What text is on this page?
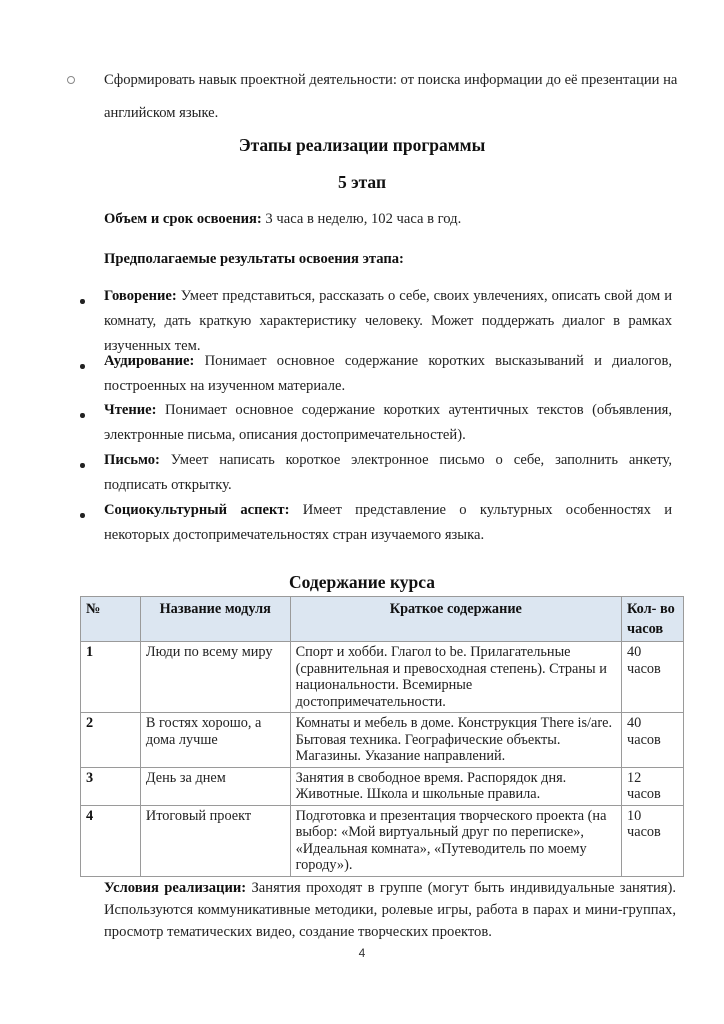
Сформировать навык проектной деятельности: от поиска информации до её презентации на
английском языке.
Этапы реализации программы
5 этап
Объем и срок освоения: 3 часа в неделю, 102 часа в год.
Предполагаемые результаты освоения этапа:
Говорение: Умеет представиться, рассказать о себе, своих увлечениях, описать свой дом и комнату, дать краткую характеристику человеку. Может поддержать диалог в рамках изученных тем.
Аудирование: Понимает основное содержание коротких высказываний и диалогов, построенных на изученном материале.
Чтение: Понимает основное содержание коротких аутентичных текстов (объявления, электронные письма, описания достопримечательностей).
Письмо: Умеет написать короткое электронное письмо о себе, заполнить анкету, подписать открытку.
Социокультурный аспект: Имеет представление о культурных особенностях и некоторых достопримечательностях стран изучаемого языка.
Содержание курса
№	Название модуля	Краткое содержание	Кол- во часов
1	Люди по всему миру	Спорт и хобби. Глагол to be. Прилагательные (сравнительная и превосходная степень). Страны и национальности. Всемирные достопримечательности.	40 часов
2	В гостях хорошо, а дома лучше	Комнаты и мебель в доме. Конструкция There is/are. Бытовая техника. Географические объекты. Магазины. Указание направлений.	40 часов
3	День за днем	Занятия в свободное время. Распорядок дня. Животные. Школа и школьные правила.	12 часов
4	Итоговый проект	Подготовка и презентация творческого проекта (на выбор: «Мой виртуальный друг по переписке», «Идеальная комната», «Путеводитель по моему городу»).	10 часов
Условия реализации: Занятия проходят в группе (могут быть индивидуальные занятия). Используются коммуникативные методики, ролевые игры, работа в парах и мини-группах, просмотр тематических видео, создание творческих проектов.
4
